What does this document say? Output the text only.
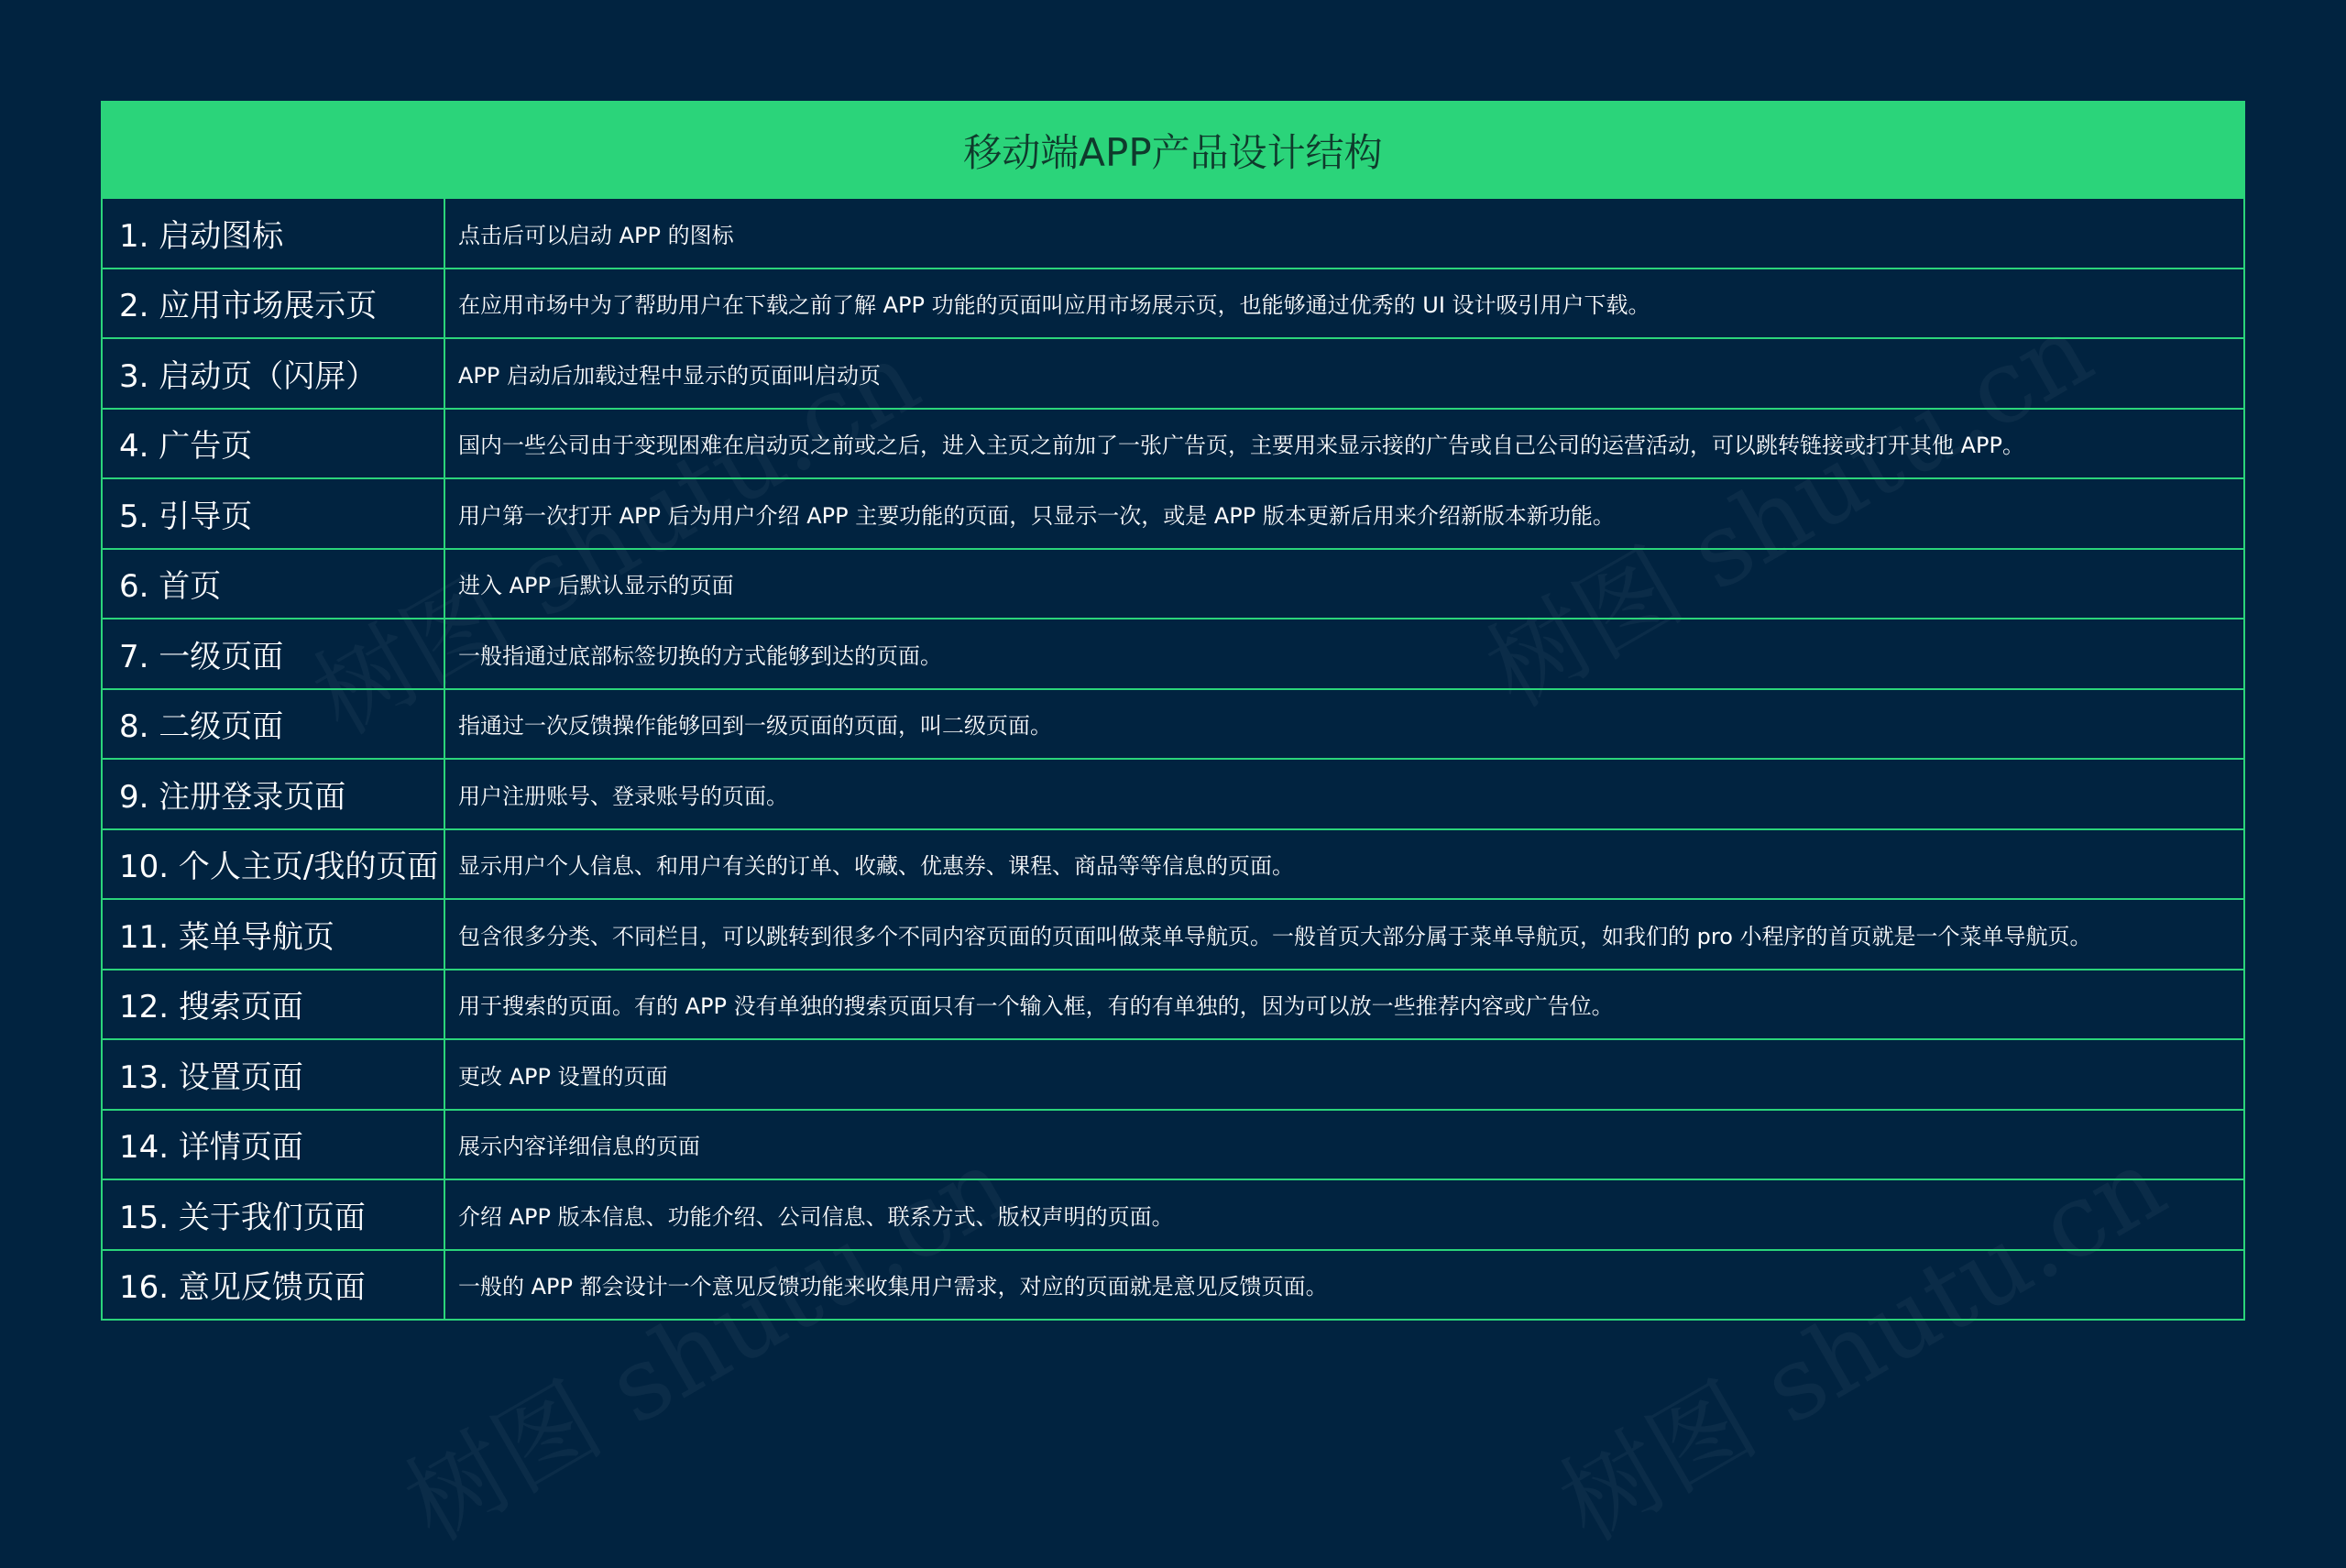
移动端APP产品设计结构	
1. 启动图标	点击后可以启动 APP 的图标
2. 应用市场展示页	在应用市场中为了帮助用户在下载之前了解 APP 功能的页面叫应用市场展示页，也能够通过优秀的 UI 设计吸引用户下载。
3. 启动页（闪屏）	APP 启动后加载过程中显示的页面叫启动页
4. 广告页	国内一些公司由于变现困难在启动页之前或之后，进入主页之前加了一张广告页，主要用来显示接的广告或自己公司的运营活动，可以跳转链接或打开其他 APP。
5. 引导页	用户第一次打开 APP 后为用户介绍 APP 主要功能的页面，只显示一次，或是 APP 版本更新后用来介绍新版本新功能。
6. 首页	进入 APP 后默认显示的页面
7. 一级页面	一般指通过底部标签切换的方式能够到达的页面。
8. 二级页面	指通过一次反馈操作能够回到一级页面的页面，叫二级页面。
9. 注册登录页面	用户注册账号、登录账号的页面。
10. 个人主页/我的页面	显示用户个人信息、和用户有关的订单、收藏、优惠券、课程、商品等等信息的页面。
11. 菜单导航页	包含很多分类、不同栏目，可以跳转到很多个不同内容页面的页面叫做菜单导航页。一般首页大部分属于菜单导航页，如我们的 pro 小程序的首页就是一个菜单导航页。
12. 搜索页面	用于搜索的页面。有的 APP 没有单独的搜索页面只有一个输入框，有的有单独的，因为可以放一些推荐内容或广告位。
13. 设置页面	更改 APP 设置的页面
14. 详情页面	展示内容详细信息的页面
15. 关于我们页面	介绍 APP 版本信息、功能介绍、公司信息、联系方式、版权声明的页面。
16. 意见反馈页面	一般的 APP 都会设计一个意见反馈功能来收集用户需求，对应的页面就是意见反馈页面。
